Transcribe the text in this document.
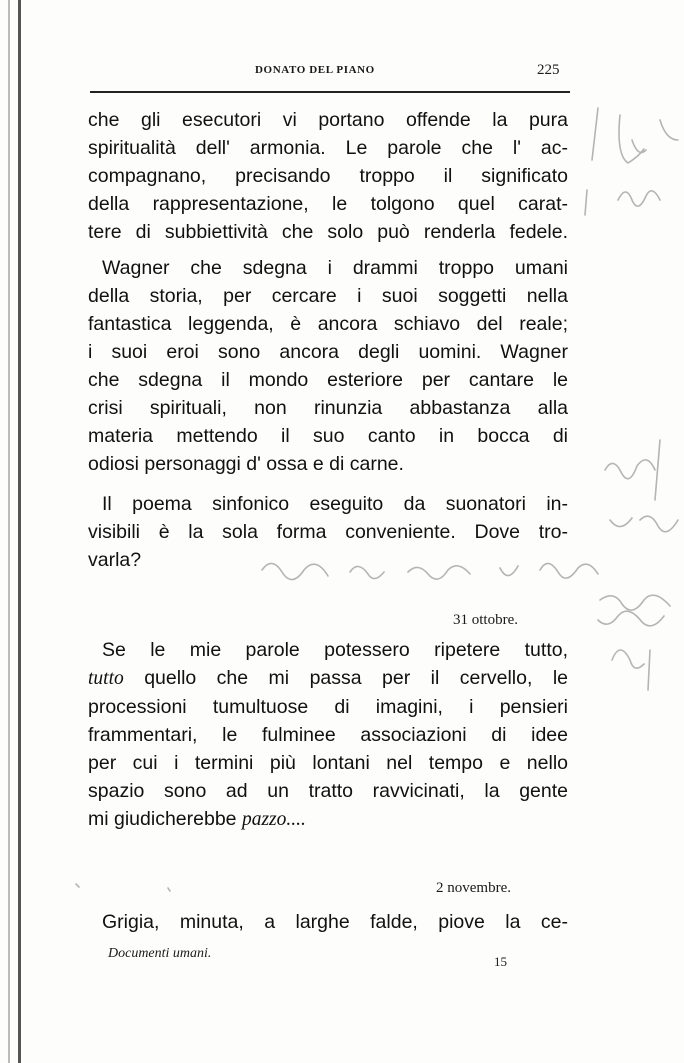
DONATO DEL PIANO	225
che gli esecutori vi portano offende la pura
spiritualità dell' armonia. Le parole che l' ac-
compagnano, precisando troppo il significato
della rappresentazione, le tolgono quel carat-
tere di subbiettività che solo può renderla fedele.
Wagner che sdegna i drammi troppo umani
della storia, per cercare i suoi soggetti nella
fantastica leggenda, è ancora schiavo del reale;
i suoi eroi sono ancora degli uomini. Wagner
che sdegna il mondo esteriore per cantare le
crisi spirituali, non rinunzia abbastanza alla
materia mettendo il suo canto in bocca di
odiosi personaggi d' ossa e di carne.
Il poema sinfonico eseguito da suonatori in-
visibili è la sola forma conveniente. Dove tro-
varla?
31 ottobre.
Se le mie parole potessero ripetere tutto,
tutto quello che mi passa per il cervello, le
processioni tumultuose di imagini, i pensieri
frammentari, le fulminee associazioni di idee
per cui i termini più lontani nel tempo e nello
spazio sono ad un tratto ravvicinati, la gente
mi giudicherebbe pazzo....
2 novembre.
Grigia, minuta, a larghe falde, piove la ce-
Documenti umani.
15
